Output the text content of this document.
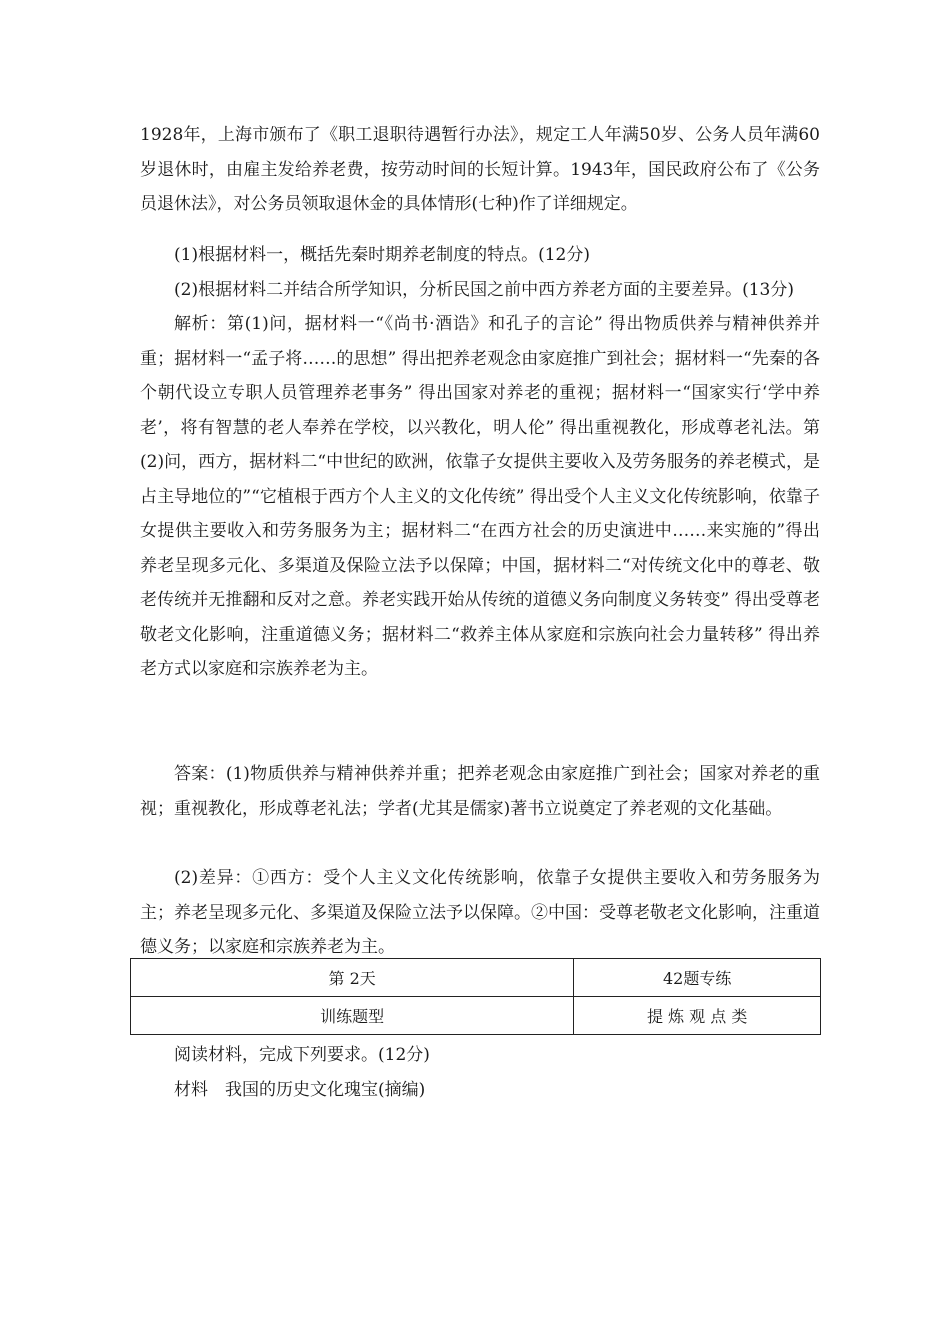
1928年，上海市颁布了《职工退职待遇暂行办法》，规定工人年满50岁、公务人员年满60岁退休时，由雇主发给养老费，按劳动时间的长短计算。1943年，国民政府公布了《公务员退休法》，对公务员领取退休金的具体情形(七种)作了详细规定。

(1)根据材料一，概括先秦时期养老制度的特点。(12分)

(2)根据材料二并结合所学知识，分析民国之前中西方养老方面的主要差异。(13分)

解析：第(1)问，据材料一“《尚书·酒诰》和孔子的言论” 得出物质供养与精神供养并重；据材料一“孟子将……的思想” 得出把养老观念由家庭推广到社会；据材料一“先秦的各个朝代设立专职人员管理养老事务” 得出国家对养老的重视；据材料一“国家实行‘学中养老’，将有智慧的老人奉养在学校，以兴教化，明人伦” 得出重视教化，形成尊老礼法。第(2)问，西方，据材料二“中世纪的欧洲，依靠子女提供主要收入及劳务服务的养老模式，是占主导地位的”“它植根于西方个人主义的文化传统” 得出受个人主义文化传统影响，依靠子女提供主要收入和劳务服务为主；据材料二“在西方社会的历史演进中……来实施的”得出养老呈现多元化、多渠道及保险立法予以保障；中国，据材料二“对传统文化中的尊老、敬老传统并无推翻和反对之意。养老实践开始从传统的道德义务向制度义务转变” 得出受尊老敬老文化影响，注重道德义务；据材料二“救养主体从家庭和宗族向社会力量转移” 得出养老方式以家庭和宗族养老为主。

答案：(1)物质供养与精神供养并重；把养老观念由家庭推广到社会；国家对养老的重视；重视教化，形成尊老礼法；学者(尤其是儒家)著书立说奠定了养老观的文化基础。

(2)差异：①西方：受个人主义文化传统影响，依靠子女提供主要收入和劳务服务为主；养老呈现多元化、多渠道及保险立法予以保障。②中国：受尊老敬老文化影响，注重道德义务；以家庭和宗族养老为主。

第 2天	42题专练
训练题型	提 炼 观 点 类
阅读材料，完成下列要求。(12分)
材料　我国的历史文化瑰宝(摘编)
